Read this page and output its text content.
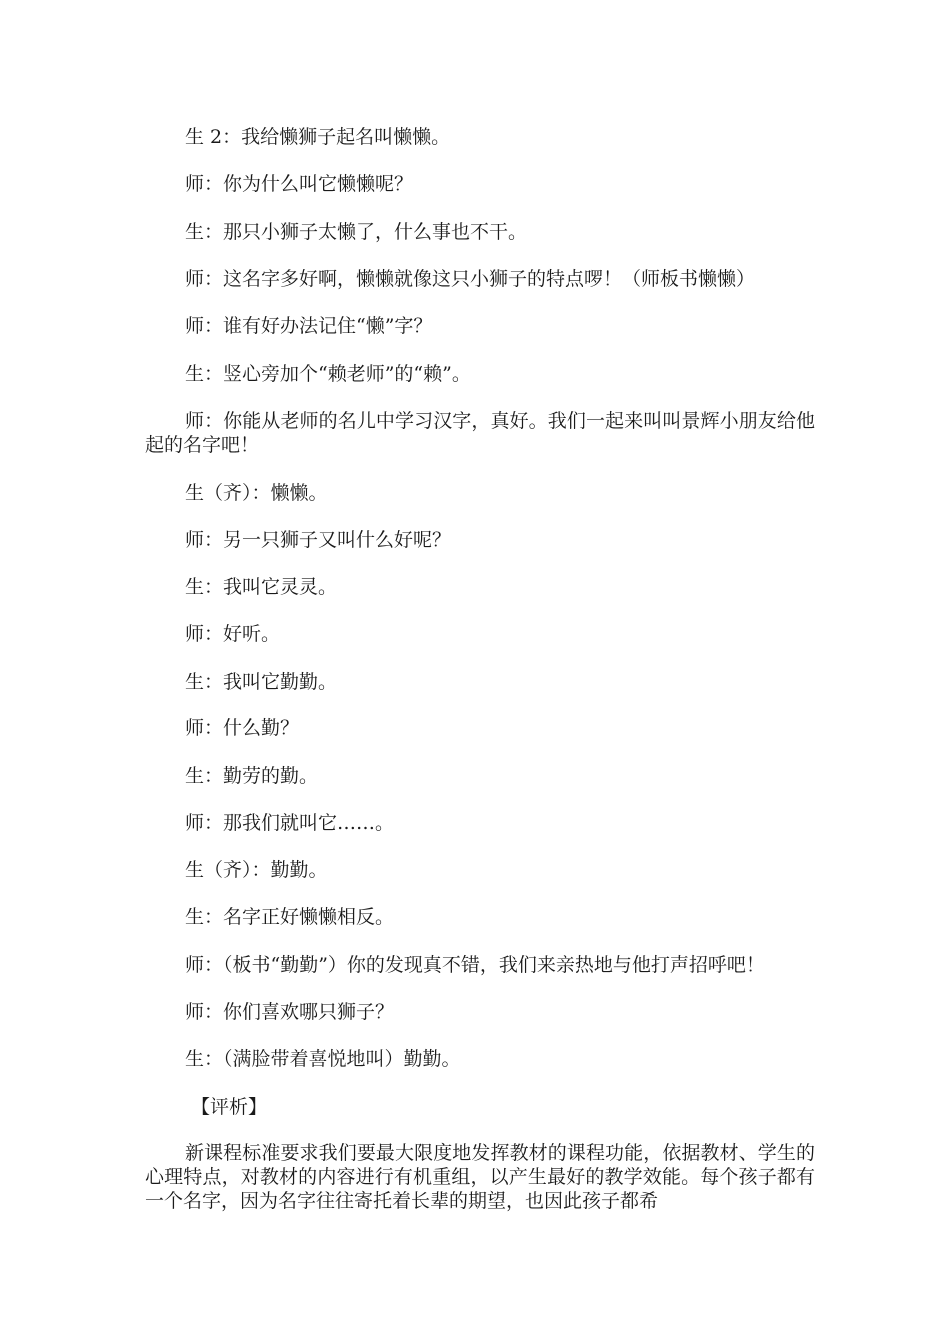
生 2：我给懒狮子起名叫懒懒。

师：你为什么叫它懒懒呢？

生：那只小狮子太懒了，什么事也不干。

师：这名字多好啊，懒懒就像这只小狮子的特点啰！（师板书懒懒）

师：谁有好办法记住“懒”字？

生：竖心旁加个“赖老师”的“赖”。

师：你能从老师的名儿中学习汉字，真好。我们一起来叫叫景辉小朋友给他起的名字吧！

生（齐）：懒懒。

师：另一只狮子又叫什么好呢？

生：我叫它灵灵。

师：好听。

生：我叫它勤勤。

师：什么勤？

生：勤劳的勤。

师：那我们就叫它……。

生（齐）：勤勤。

生：名字正好懒懒相反。

师：（板书“勤勤”）你的发现真不错，我们来亲热地与他打声招呼吧！

师：你们喜欢哪只狮子？

生：（满脸带着喜悦地叫）勤勤。

【评析】

新课程标准要求我们要最大限度地发挥教材的课程功能，依据教材、学生的心理特点，对教材的内容进行有机重组，以产生最好的教学效能。每个孩子都有一个名字，因为名字往往寄托着长辈的期望，也因此孩子都希
